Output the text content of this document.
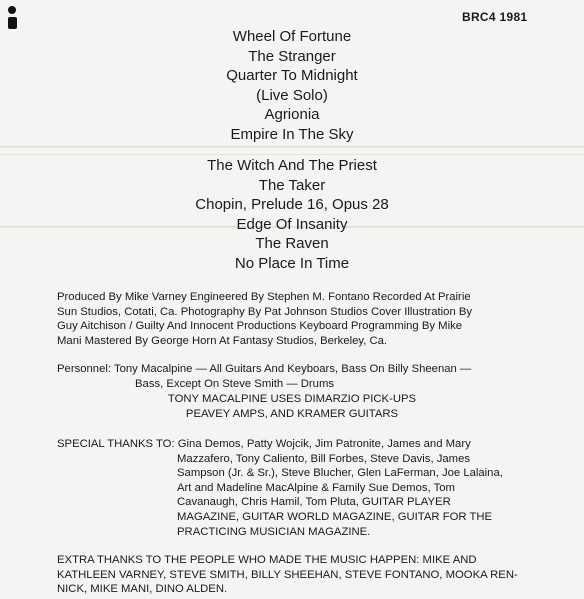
BRC4 1981
Wheel Of Fortune
The Stranger
Quarter To Midnight
(Live Solo)
Agrionia
Empire In The Sky
The Witch And The Priest
The Taker
Chopin, Prelude 16, Opus 28
Edge Of Insanity
The Raven
No Place In Time

Produced By Mike Varney Engineered By Stephen M. Fontano Recorded At Prairie

Sun Studios, Cotati, Ca. Photography By Pat Johnson Studios Cover Illustration By

Guy Aitchison / Guilty And Innocent Productions Keyboard Programming By Mike

Mani Mastered By George Horn At Fantasy Studios, Berkeley, Ca.

Personnel: Tony Macalpine — All Guitars And Keyboars, Bass On Billy Sheenan —

Bass, Except On Steve Smith — Drums

TONY MACALPINE USES DIMARZIO PICK-UPS

PEAVEY AMPS, AND KRAMER GUITARS

SPECIAL THANKS TO: Gina Demos, Patty Wojcik, Jim Patronite, James and Mary

Mazzafero, Tony Caliento, Bill Forbes, Steve Davis, James

Sampson (Jr. & Sr.), Steve Blucher, Glen LaFerman, Joe Lalaina,

Art and Madeline MacAlpine & Family Sue Demos, Tom

Cavanaugh, Chris Hamil, Tom Pluta, GUITAR PLAYER

MAGAZINE, GUITAR WORLD MAGAZINE, GUITAR FOR THE

PRACTICING MUSICIAN MAGAZINE.

EXTRA THANKS TO THE PEOPLE WHO MADE THE MUSIC HAPPEN: MIKE AND

KATHLEEN VARNEY, STEVE SMITH, BILLY SHEEHAN, STEVE FONTANO, MOOKA REN-

NICK, MIKE MANI, DINO ALDEN.
